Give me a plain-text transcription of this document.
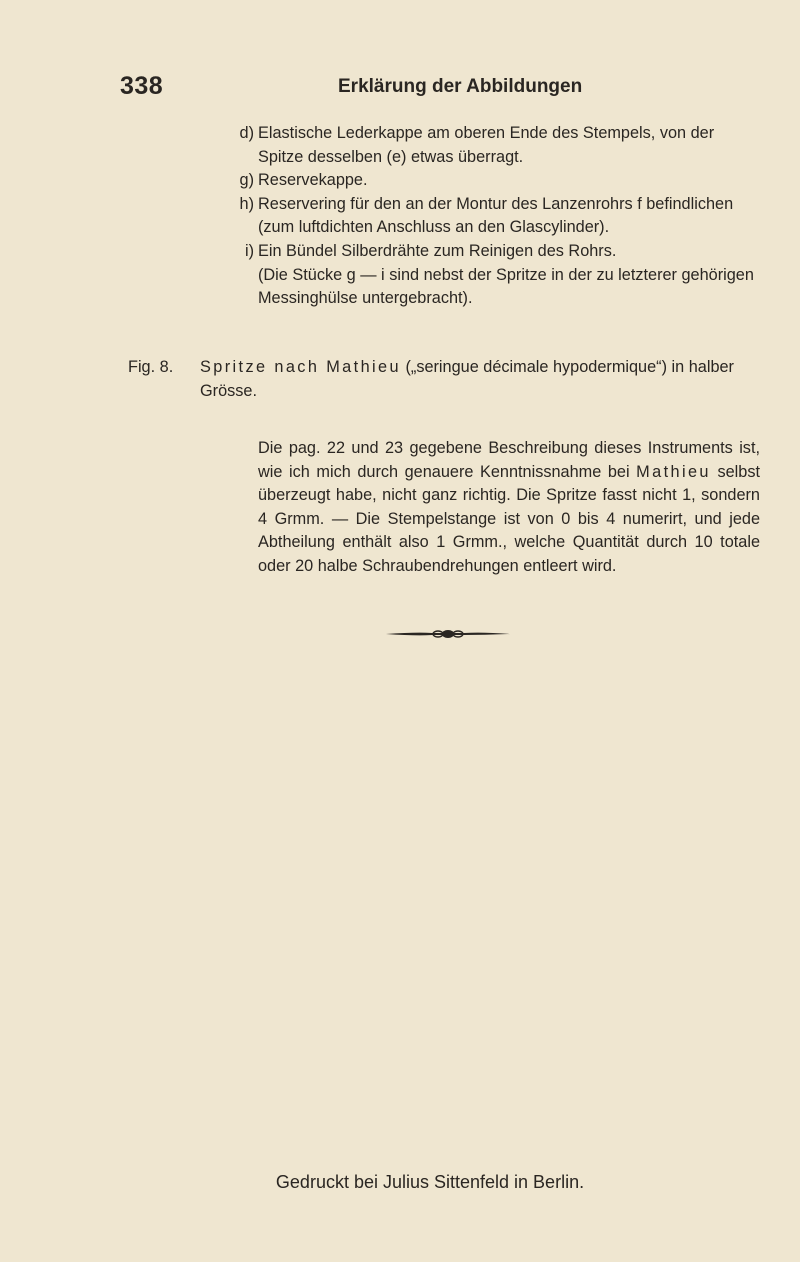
338	Erklärung der Abbildungen
d) Elastische Lederkappe am oberen Ende des Stempels, von der Spitze desselben (e) etwas überragt.
g) Reservekappe.
h) Reservering für den an der Montur des Lanzenrohrs f befindlichen (zum luftdichten Anschluss an den Glascylinder).
i) Ein Bündel Silberdrähte zum Reinigen des Rohrs.
(Die Stücke g — i sind nebst der Spritze in der zu letzterer gehörigen Messinghülse untergebracht).
Fig. 8.	Spritze nach Mathieu („seringue décimale hypodermique“) in halber Grösse.

Die pag. 22 und 23 gegebene Beschreibung dieses Instruments ist, wie ich mich durch genauere Kenntnissnahme bei Mathieu selbst überzeugt habe, nicht ganz richtig. Die Spritze fasst nicht 1, sondern 4 Grmm. — Die Stempelstange ist von 0 bis 4 numerirt, und jede Abtheilung enthält also 1 Grmm., welche Quantität durch 10 totale oder 20 halbe Schraubendrehungen entleert wird.

Gedruckt bei Julius Sittenfeld in Berlin.
